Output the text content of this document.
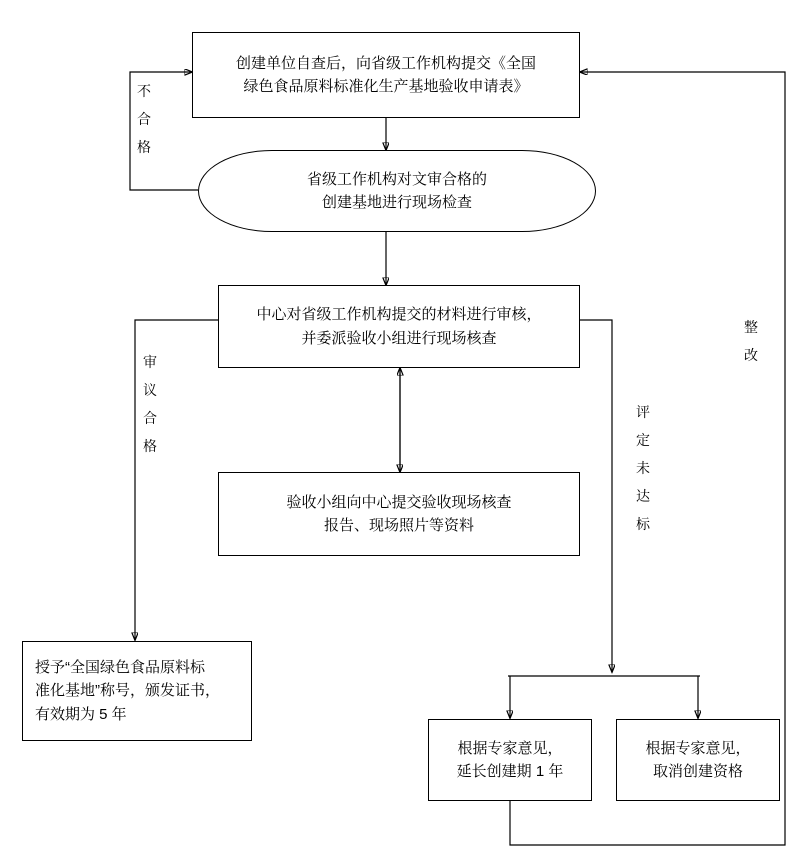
创建单位自查后，向省级工作机构提交《全国
绿色食品原料标准化生产基地验收申请表》
省级工作机构对文审合格的
创建基地进行现场检查
中心对省级工作机构提交的材料进行审核，
并委派验收小组进行现场核查
验收小组向中心提交验收现场核查
报告、现场照片等资料
授予“全国绿色食品原料标
准化基地”称号，颁发证书，
有效期为 5 年
根据专家意见，
延长创建期 1 年
根据专家意见，
取消创建资格
不
合
格
审
议
合
格
评
定
未
达
标
整
改
